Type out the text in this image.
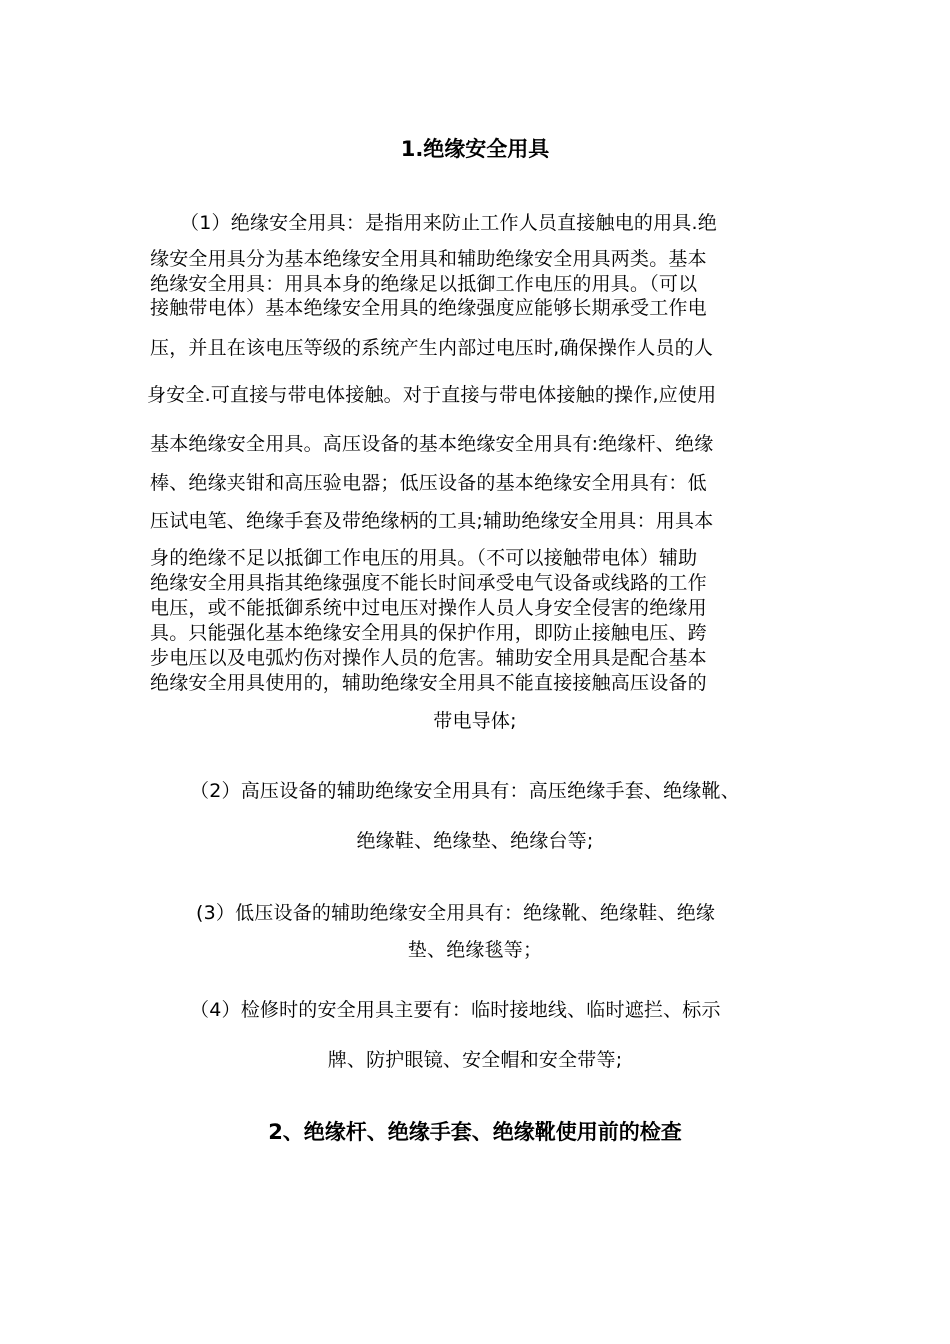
1.绝缘安全用具
（1）绝缘安全用具：是指用来防止工作人员直接触电的用具.绝
缘安全用具分为基本绝缘安全用具和辅助绝缘安全用具两类。基本
绝缘安全用具：用具本身的绝缘足以抵御工作电压的用具。（可以
接触带电体）基本绝缘安全用具的绝缘强度应能够长期承受工作电
压，并且在该电压等级的系统产生内部过电压时,确保操作人员的人
身安全.可直接与带电体接触。对于直接与带电体接触的操作,应使用
基本绝缘安全用具。高压设备的基本绝缘安全用具有:绝缘杆、绝缘
棒、绝缘夹钳和高压验电器；低压设备的基本绝缘安全用具有：低
压试电笔、绝缘手套及带绝缘柄的工具;辅助绝缘安全用具：用具本
身的绝缘不足以抵御工作电压的用具。（不可以接触带电体）辅助
绝缘安全用具指其绝缘强度不能长时间承受电气设备或线路的工作
电压，或不能抵御系统中过电压对操作人员人身安全侵害的绝缘用
具。只能强化基本绝缘安全用具的保护作用，即防止接触电压、跨
步电压以及电弧灼伤对操作人员的危害。辅助安全用具是配合基本
绝缘安全用具使用的，辅助绝缘安全用具不能直接接触高压设备的
带电导体;
（2）高压设备的辅助绝缘安全用具有：高压绝缘手套、绝缘靴、
绝缘鞋、绝缘垫、绝缘台等;
(3）低压设备的辅助绝缘安全用具有：绝缘靴、绝缘鞋、绝缘
垫、绝缘毯等；
（4）检修时的安全用具主要有：临时接地线、临时遮拦、标示
牌、防护眼镜、安全帽和安全带等;
2、绝缘杆、绝缘手套、绝缘靴使用前的检查
